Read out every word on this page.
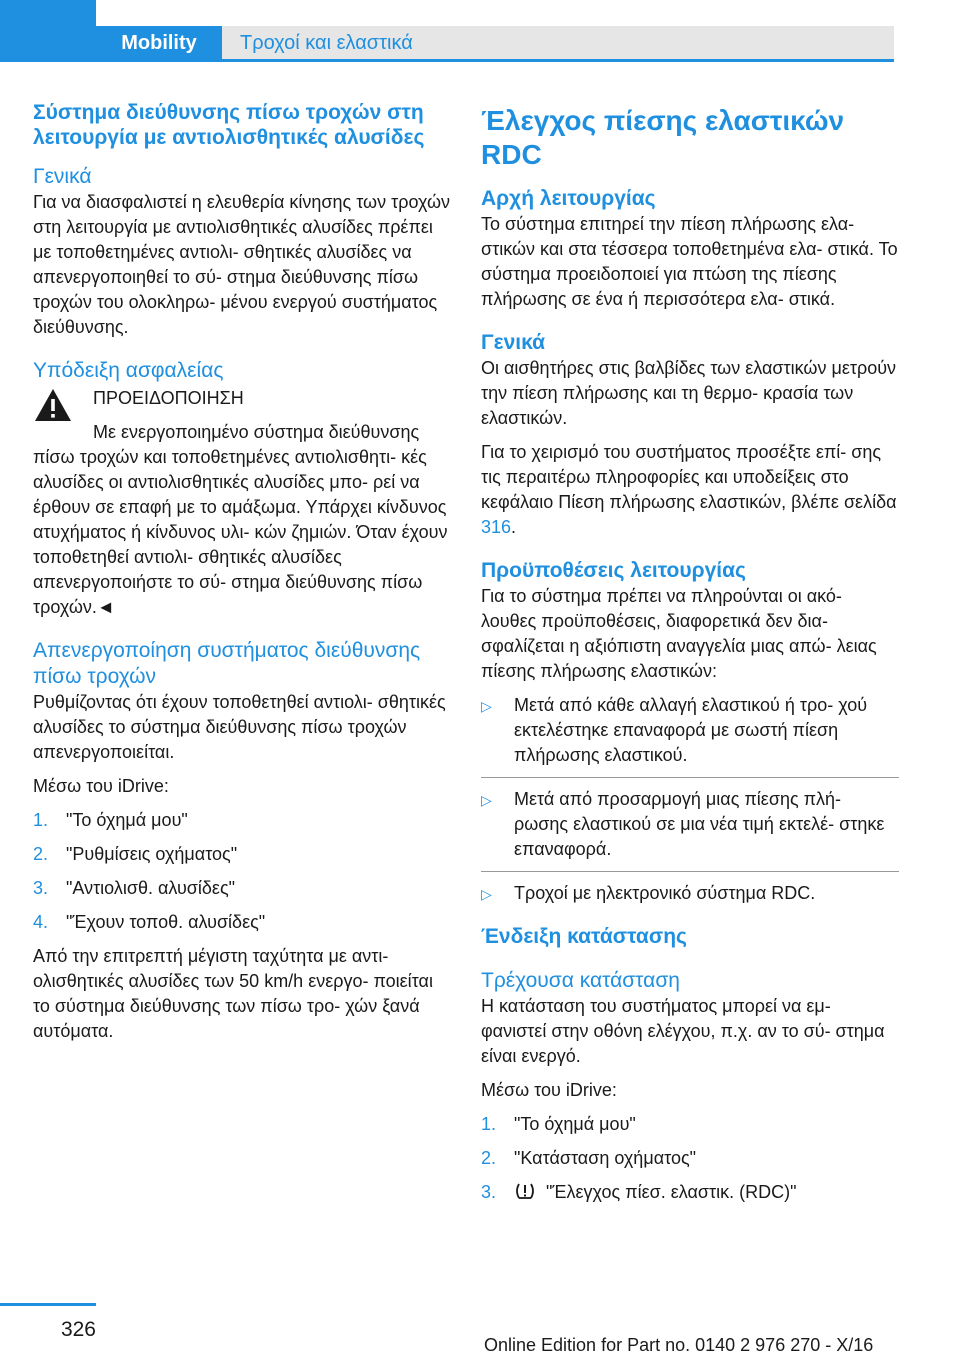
Mobility	Τροχοί και ελαστικά
Σύστημα διεύθυνσης πίσω τροχών στη λειτουργία με αντιολισθητικές αλυσίδες
Γενικά

Για να διασφαλιστεί η ελευθερία κίνησης των τροχών στη λειτουργία με αντιολισθητικές αλυσίδες πρέπει με τοποθετημένες αντιολι‐ σθητικές αλυσίδες να απενεργοποιηθεί το σύ‐ στημα διεύθυνσης πίσω τροχών του ολοκληρω‐ μένου ενεργού συστήματος διεύθυνσης.

Υπόδειξη ασφαλείας

ΠΡΟΕΙΔΟΠΟΙΗΣΗ

Με ενεργοποιημένο σύστημα διεύθυνσης

πίσω τροχών και τοποθετημένες αντιολισθητι‐ κές αλυσίδες οι αντιολισθητικές αλυσίδες μπο‐ ρεί να έρθουν σε επαφή με το αμάξωμα. Υπάρχει κίνδυνος ατυχήματος ή κίνδυνος υλι‐ κών ζημιών. Όταν έχουν τοποθετηθεί αντιολι‐ σθητικές αλυσίδες απενεργοποιήστε το σύ‐ στημα διεύθυνσης πίσω τροχών.◄

Απενεργοποίηση συστήματος διεύθυνσης πίσω τροχών

Ρυθμίζοντας ότι έχουν τοποθετηθεί αντιολι‐ σθητικές αλυσίδες το σύστημα διεύθυνσης πίσω τροχών απενεργοποιείται.

Μέσω του iDrive:

1. "Το όχημά μου"
2. "Ρυθμίσεις οχήματος"
3. "Αντιολισθ. αλυσίδες"
4. "Έχουν τοποθ. αλυσίδες"

Από την επιτρεπτή μέγιστη ταχύτητα με αντι‐ ολισθητικές αλυσίδες των 50 km/h ενεργο‐ ποιείται το σύστημα διεύθυνσης των πίσω τρο‐ χών ξανά αυτόματα.

Έλεγχος πίεσης ελαστικών RDC
Αρχή λειτουργίας

Το σύστημα επιτηρεί την πίεση πλήρωσης ελα‐ στικών και στα τέσσερα τοποθετημένα ελα‐ στικά. Το σύστημα προειδοποιεί για πτώση της πίεσης πλήρωσης σε ένα ή περισσότερα ελα‐ στικά.

Γενικά

Οι αισθητήρες στις βαλβίδες των ελαστικών μετρούν την πίεση πλήρωσης και τη θερμο‐ κρασία των ελαστικών.

Για το χειρισμό του συστήματος προσέξτε επί‐ σης τις περαιτέρω πληροφορίες και υποδείξεις στο κεφάλαιο Πίεση πλήρωσης ελαστικών, βλέπε σελίδα 316.

Προϋποθέσεις λειτουργίας

Για το σύστημα πρέπει να πληρούνται οι ακό‐ λουθες προϋποθέσεις, διαφορετικά δεν δια‐ σφαλίζεται η αξιόπιστη αναγγελία μιας απώ‐ λειας πίεσης πλήρωσης ελαστικών:

▷ Μετά από κάθε αλλαγή ελαστικού ή τρο‐ χού εκτελέστηκε επαναφορά με σωστή πίεση πλήρωσης ελαστικού.
▷ Μετά από προσαρμογή μιας πίεσης πλή‐ ρωσης ελαστικού σε μια νέα τιμή εκτελέ‐ στηκε επαναφορά.
▷ Τροχοί με ηλεκτρονικό σύστημα RDC.
Ένδειξη κατάστασης
Τρέχουσα κατάσταση

Η κατάσταση του συστήματος μπορεί να εμ‐ φανιστεί στην οθόνη ελέγχου, π.χ. αν το σύ‐ στημα είναι ενεργό.

Μέσω του iDrive:

1. "Το όχημά μου"
2. "Κατάσταση οχήματος"
3.	"Έλεγχος πίεσ. ελαστικ. (RDC)"
326
Online Edition for Part no. 0140 2 976 270 - X/16
